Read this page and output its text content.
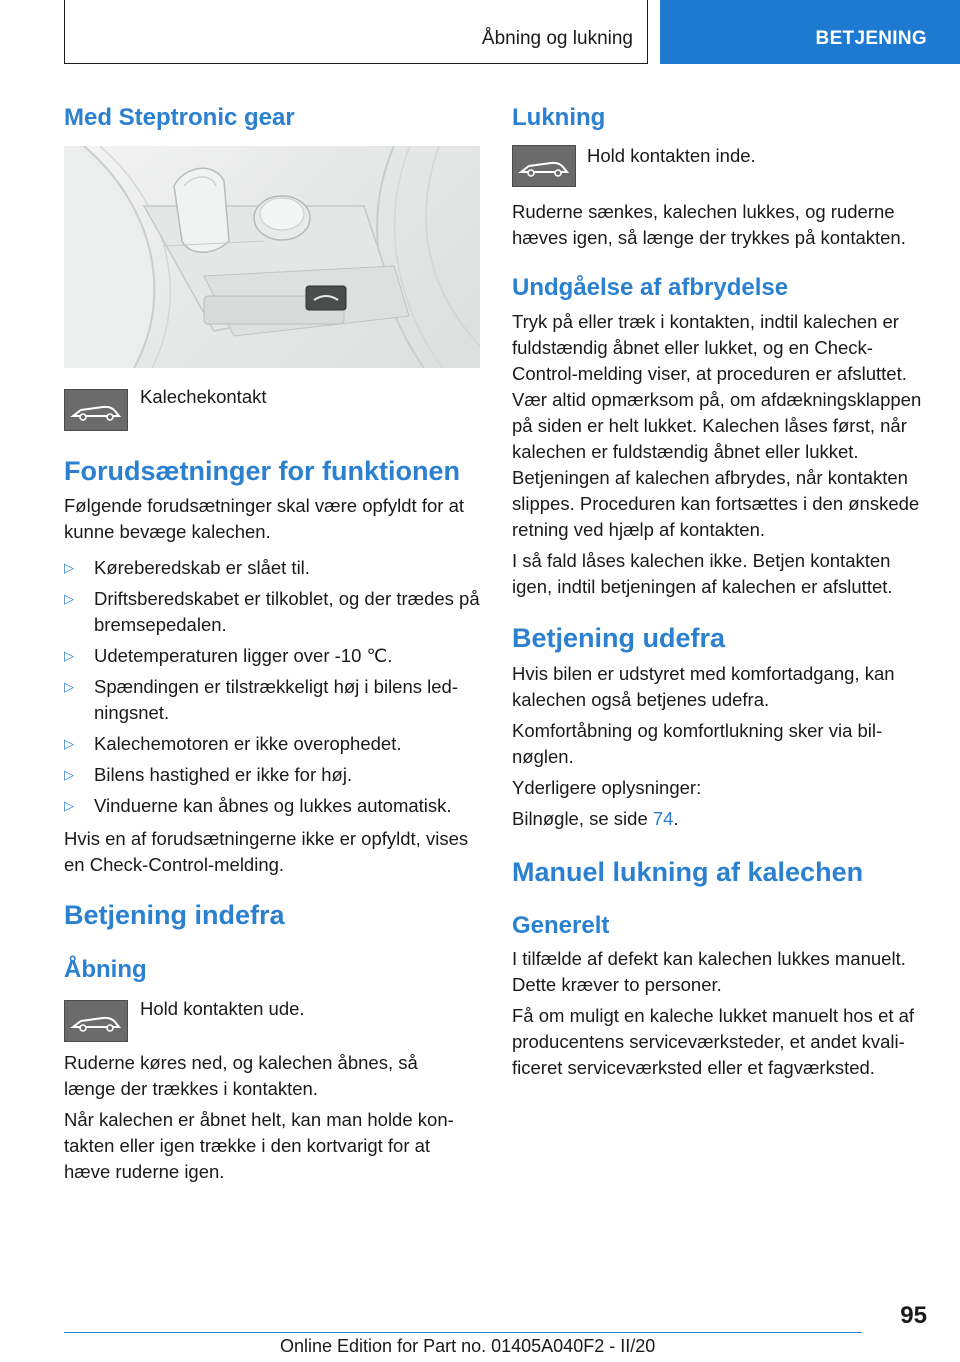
Åbning og lukning	BETJENING
Med Steptronic gear

Kalechekontakt

Forudsætninger for funktionen

Følgende forudsætninger skal være opfyldt for at kunne bevæge kalechen.

▷ Køreberedskab er slået til.
▷ Driftsberedskabet er tilkoblet, og der trædes på bremsepedalen.
▷ Udetemperaturen ligger over -10 ℃.
▷ Spændingen er tilstrækkeligt høj i bilens ledningsnet.
▷ Kalechemotoren er ikke overophedet.
▷ Bilens hastighed er ikke for høj.
▷ Vinduerne kan åbnes og lukkes automatisk.

Hvis en af forudsætningerne ikke er opfyldt, vises en Check-Control-melding.

Betjening indefra
Åbning

Hold kontakten ude.

Ruderne køres ned, og kalechen åbnes, så længe der trækkes i kontakten.

Når kalechen er åbnet helt, kan man holde kontakten eller igen trække i den kortvarigt for at hæve ruderne igen.

Lukning

Hold kontakten inde.

Ruderne sænkes, kalechen lukkes, og ruderne hæves igen, så længe der trykkes på kontakten.

Undgåelse af afbrydelse

Tryk på eller træk i kontakten, indtil kalechen er fuldstændig åbnet eller lukket, og en Check-Control-melding viser, at proceduren er afsluttet. Vær altid opmærksom på, om afdækningsklappen på siden er helt lukket. Kalechen låses først, når kalechen er fuldstændig åbnet eller lukket.

Betjeningen af kalechen afbrydes, når kontakten slippes. Proceduren kan fortsættes i den ønskede retning ved hjælp af kontakten.

I så fald låses kalechen ikke. Betjen kontakten igen, indtil betjeningen af kalechen er afsluttet.

Betjening udefra

Hvis bilen er udstyret med komfortadgang, kan kalechen også betjenes udefra.

Komfortåbning og komfortlukning sker via bilnøglen.

Yderligere oplysninger:

Bilnøgle, se side 74.

Manuel lukning af kalechen
Generelt

I tilfælde af defekt kan kalechen lukkes manuelt. Dette kræver to personer.

Få om muligt en kaleche lukket manuelt hos et af producentens serviceværksteder, et andet kvalificeret serviceværksted eller et fagværksted.

95
Online Edition for Part no. 01405A040F2 - II/20
